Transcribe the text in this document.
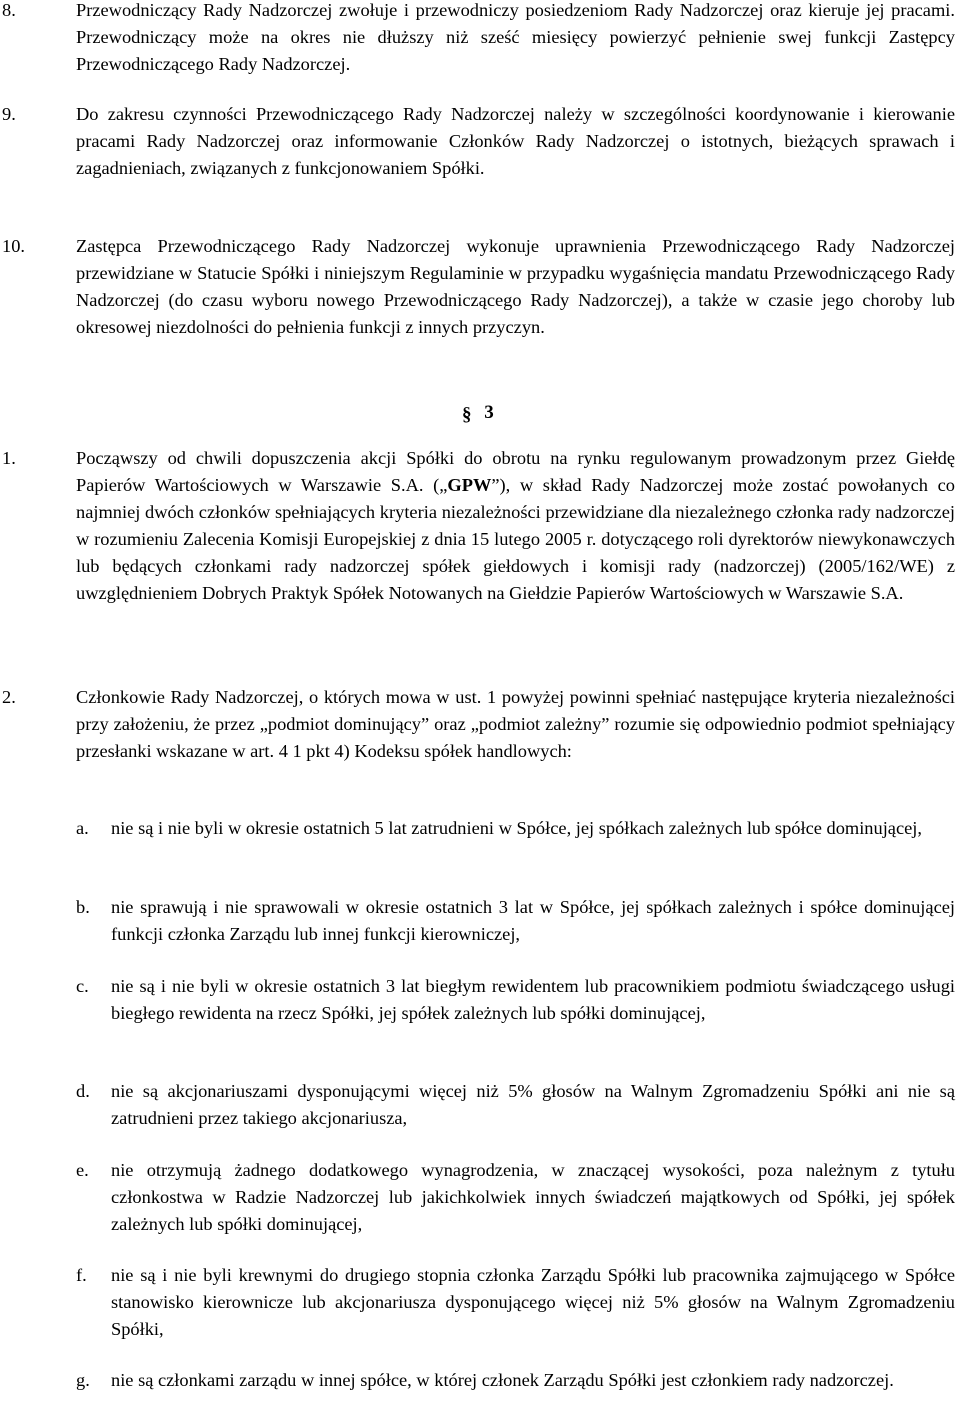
8.	Przewodniczący Rady Nadzorczej zwołuje i przewodniczy posiedzeniom Rady Nadzorczej oraz kieruje jej pracami. Przewodniczący może na okres nie dłuższy niż sześć miesięcy powierzyć pełnienie swej funkcji Zastępcy Przewodniczącego Rady Nadzorczej.
9.	Do zakresu czynności Przewodniczącego Rady Nadzorczej należy w szczególności koordynowanie i kierowanie pracami Rady Nadzorczej oraz informowanie Członków Rady Nadzorczej o istotnych, bieżących sprawach i zagadnieniach, związanych z funkcjonowaniem Spółki.
10.	Zastępca Przewodniczącego Rady Nadzorczej wykonuje uprawnienia Przewodniczącego Rady Nadzorczej przewidziane w Statucie Spółki i niniejszym Regulaminie w przypadku wygaśnięcia mandatu Przewodniczącego Rady Nadzorczej (do czasu wyboru nowego Przewodniczącego Rady Nadzorczej), a także w czasie jego choroby lub okresowej niezdolności do pełnienia funkcji z innych przyczyn.
§ 3
1.	Począwszy od chwili dopuszczenia akcji Spółki do obrotu na rynku regulowanym prowadzonym przez Giełdę Papierów Wartościowych w Warszawie S.A. („GPW”), w skład Rady Nadzorczej może zostać powołanych co najmniej dwóch członków spełniających kryteria niezależności przewidziane dla niezależnego członka rady nadzorczej w rozumieniu Zalecenia Komisji Europejskiej z dnia 15 lutego 2005 r. dotyczącego roli dyrektorów niewykonawczych lub będących członkami rady nadzorczej spółek giełdowych i komisji rady (nadzorczej) (2005/162/WE) z uwzględnieniem Dobrych Praktyk Spółek Notowanych na Giełdzie Papierów Wartościowych w Warszawie S.A.
2.	Członkowie Rady Nadzorczej, o których mowa w ust. 1 powyżej powinni spełniać następujące kryteria niezależności przy założeniu, że przez „podmiot dominujący” oraz „podmiot zależny” rozumie się odpowiednio podmiot spełniający przesłanki wskazane w art. 4 1 pkt 4) Kodeksu spółek handlowych:
a. nie są i nie byli w okresie ostatnich 5 lat zatrudnieni w Spółce, jej spółkach zależnych lub spółce dominującej,
b. nie sprawują i nie sprawowali w okresie ostatnich 3 lat w Spółce, jej spółkach zależnych i spółce dominującej funkcji członka Zarządu lub innej funkcji kierowniczej,
c. nie są i nie byli w okresie ostatnich 3 lat biegłym rewidentem lub pracownikiem podmiotu świadczącego usługi biegłego rewidenta na rzecz Spółki, jej spółek zależnych lub spółki dominującej,
d. nie są akcjonariuszami dysponującymi więcej niż 5% głosów na Walnym Zgromadzeniu Spółki ani nie są zatrudnieni przez takiego akcjonariusza,
e. nie otrzymują żadnego dodatkowego wynagrodzenia, w znaczącej wysokości, poza należnym z tytułu członkostwa w Radzie Nadzorczej lub jakichkolwiek innych świadczeń majątkowych od Spółki, jej spółek zależnych lub spółki dominującej,
f. nie są i nie byli krewnymi do drugiego stopnia członka Zarządu Spółki lub pracownika zajmującego w Spółce stanowisko kierownicze lub akcjonariusza dysponującego więcej niż 5% głosów na Walnym Zgromadzeniu Spółki,
g. nie są członkami zarządu w innej spółce, w której członek Zarządu Spółki jest członkiem rady nadzorczej.
